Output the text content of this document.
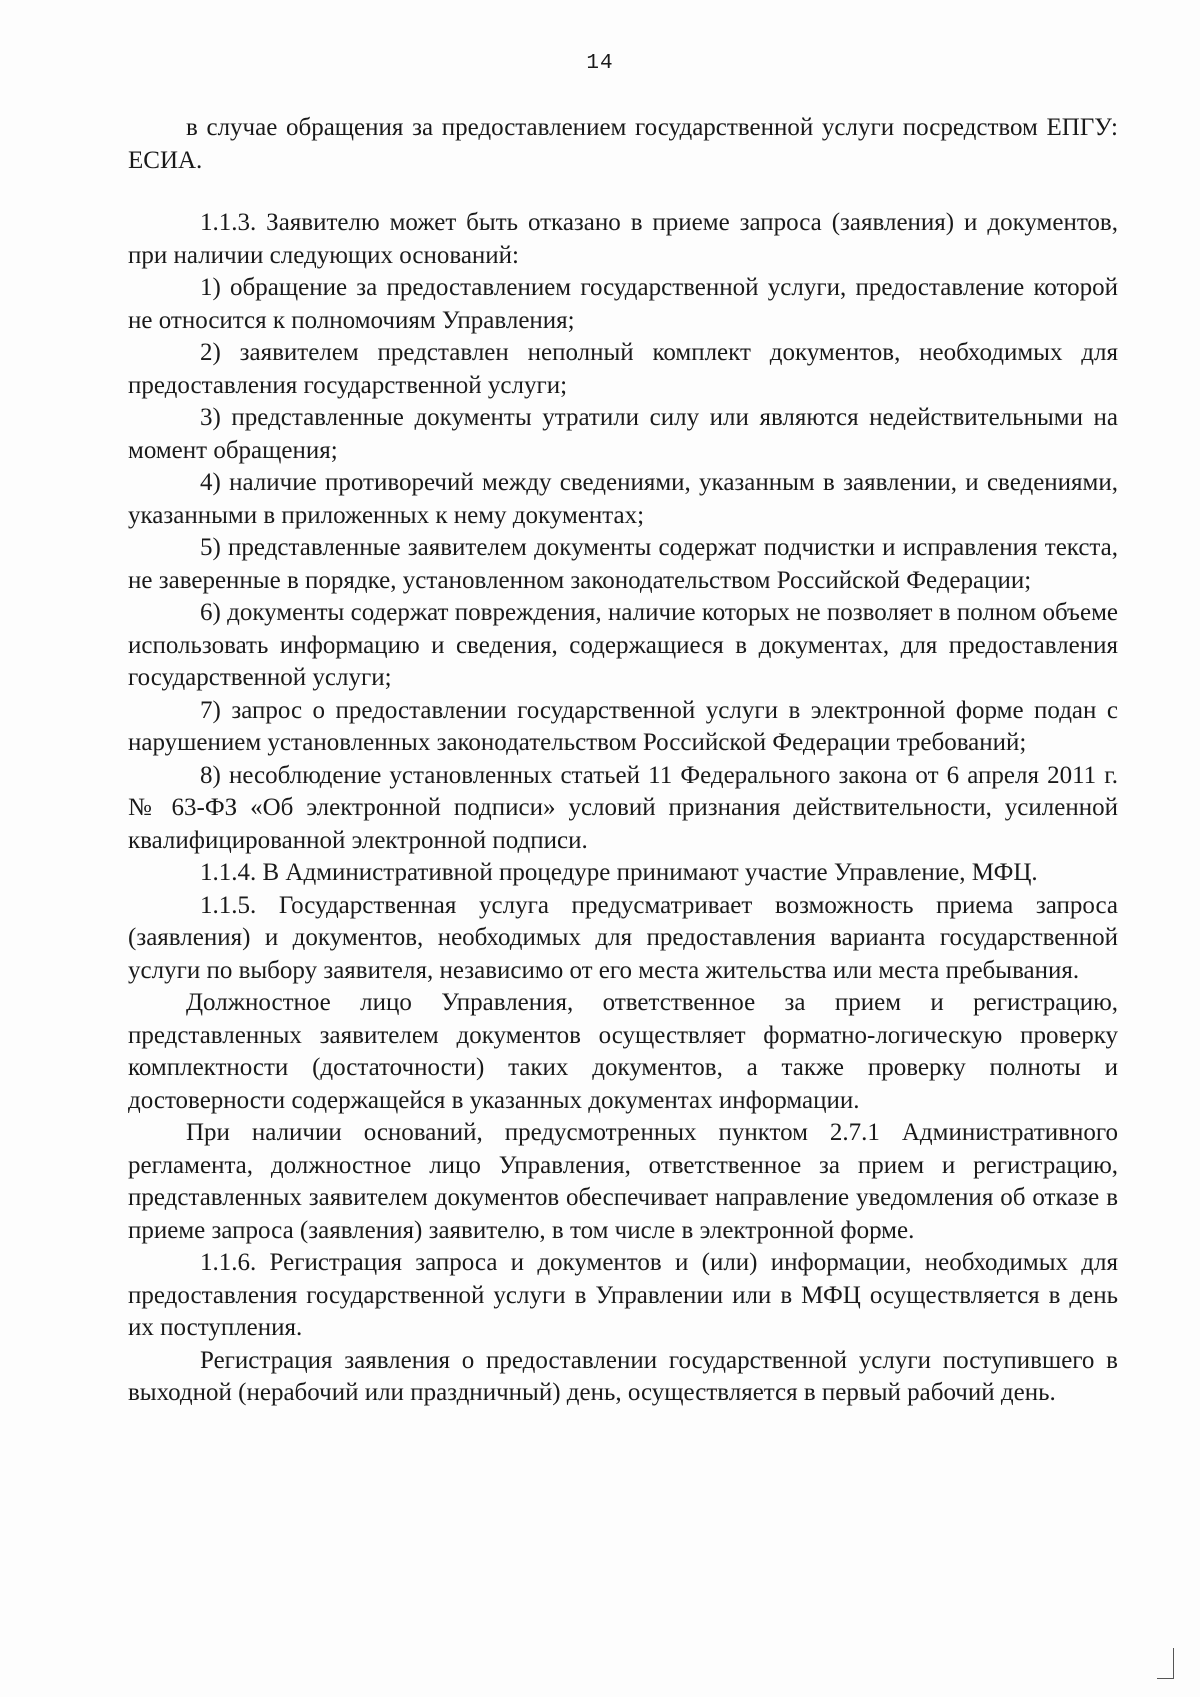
14

в случае обращения за предоставлением государственной услуги посредством ЕПГУ: ЕСИА.

1.1.3. Заявителю может быть отказано в приеме запроса (заявления) и документов, при наличии следующих оснований:

1) обращение за предоставлением государственной услуги, предоставление которой не относится к полномочиям Управления;

2) заявителем представлен неполный комплект документов, необходимых для предоставления государственной услуги;

3) представленные документы утратили силу или являются недействительными на момент обращения;

4) наличие противоречий между сведениями, указанным в заявлении, и сведениями, указанными в приложенных к нему документах;

5) представленные заявителем документы содержат подчистки и исправления текста, не заверенные в порядке, установленном законодательством Российской Федерации;

6) документы содержат повреждения, наличие которых не позволяет в полном объеме использовать информацию и сведения, содержащиеся в документах, для предоставления государственной услуги;

7) запрос о предоставлении государственной услуги в электронной форме подан с нарушением установленных законодательством Российской Федерации требований;

8) несоблюдение установленных статьей 11 Федерального закона от 6 апреля 2011 г. № 63-ФЗ «Об электронной подписи» условий признания действительности, усиленной квалифицированной электронной подписи.

1.1.4. В Административной процедуре принимают участие Управление, МФЦ.

1.1.5. Государственная услуга предусматривает возможность приема запроса (заявления) и документов, необходимых для предоставления варианта государственной услуги по выбору заявителя, независимо от его места жительства или места пребывания.

Должностное лицо Управления, ответственное за прием и регистрацию, представленных заявителем документов осуществляет форматно-логическую проверку комплектности (достаточности) таких документов, а также проверку полноты и достоверности содержащейся в указанных документах информации.

При наличии оснований, предусмотренных пунктом 2.7.1 Административного регламента, должностное лицо Управления, ответственное за прием и регистрацию, представленных заявителем документов обеспечивает направление уведомления об отказе в приеме запроса (заявления) заявителю, в том числе в электронной форме.

1.1.6. Регистрация запроса и документов и (или) информации, необходимых для предоставления государственной услуги в Управлении или в МФЦ осуществляется в день их поступления.

Регистрация заявления о предоставлении государственной услуги поступившего в выходной (нерабочий или праздничный) день, осуществляется в первый рабочий день.
